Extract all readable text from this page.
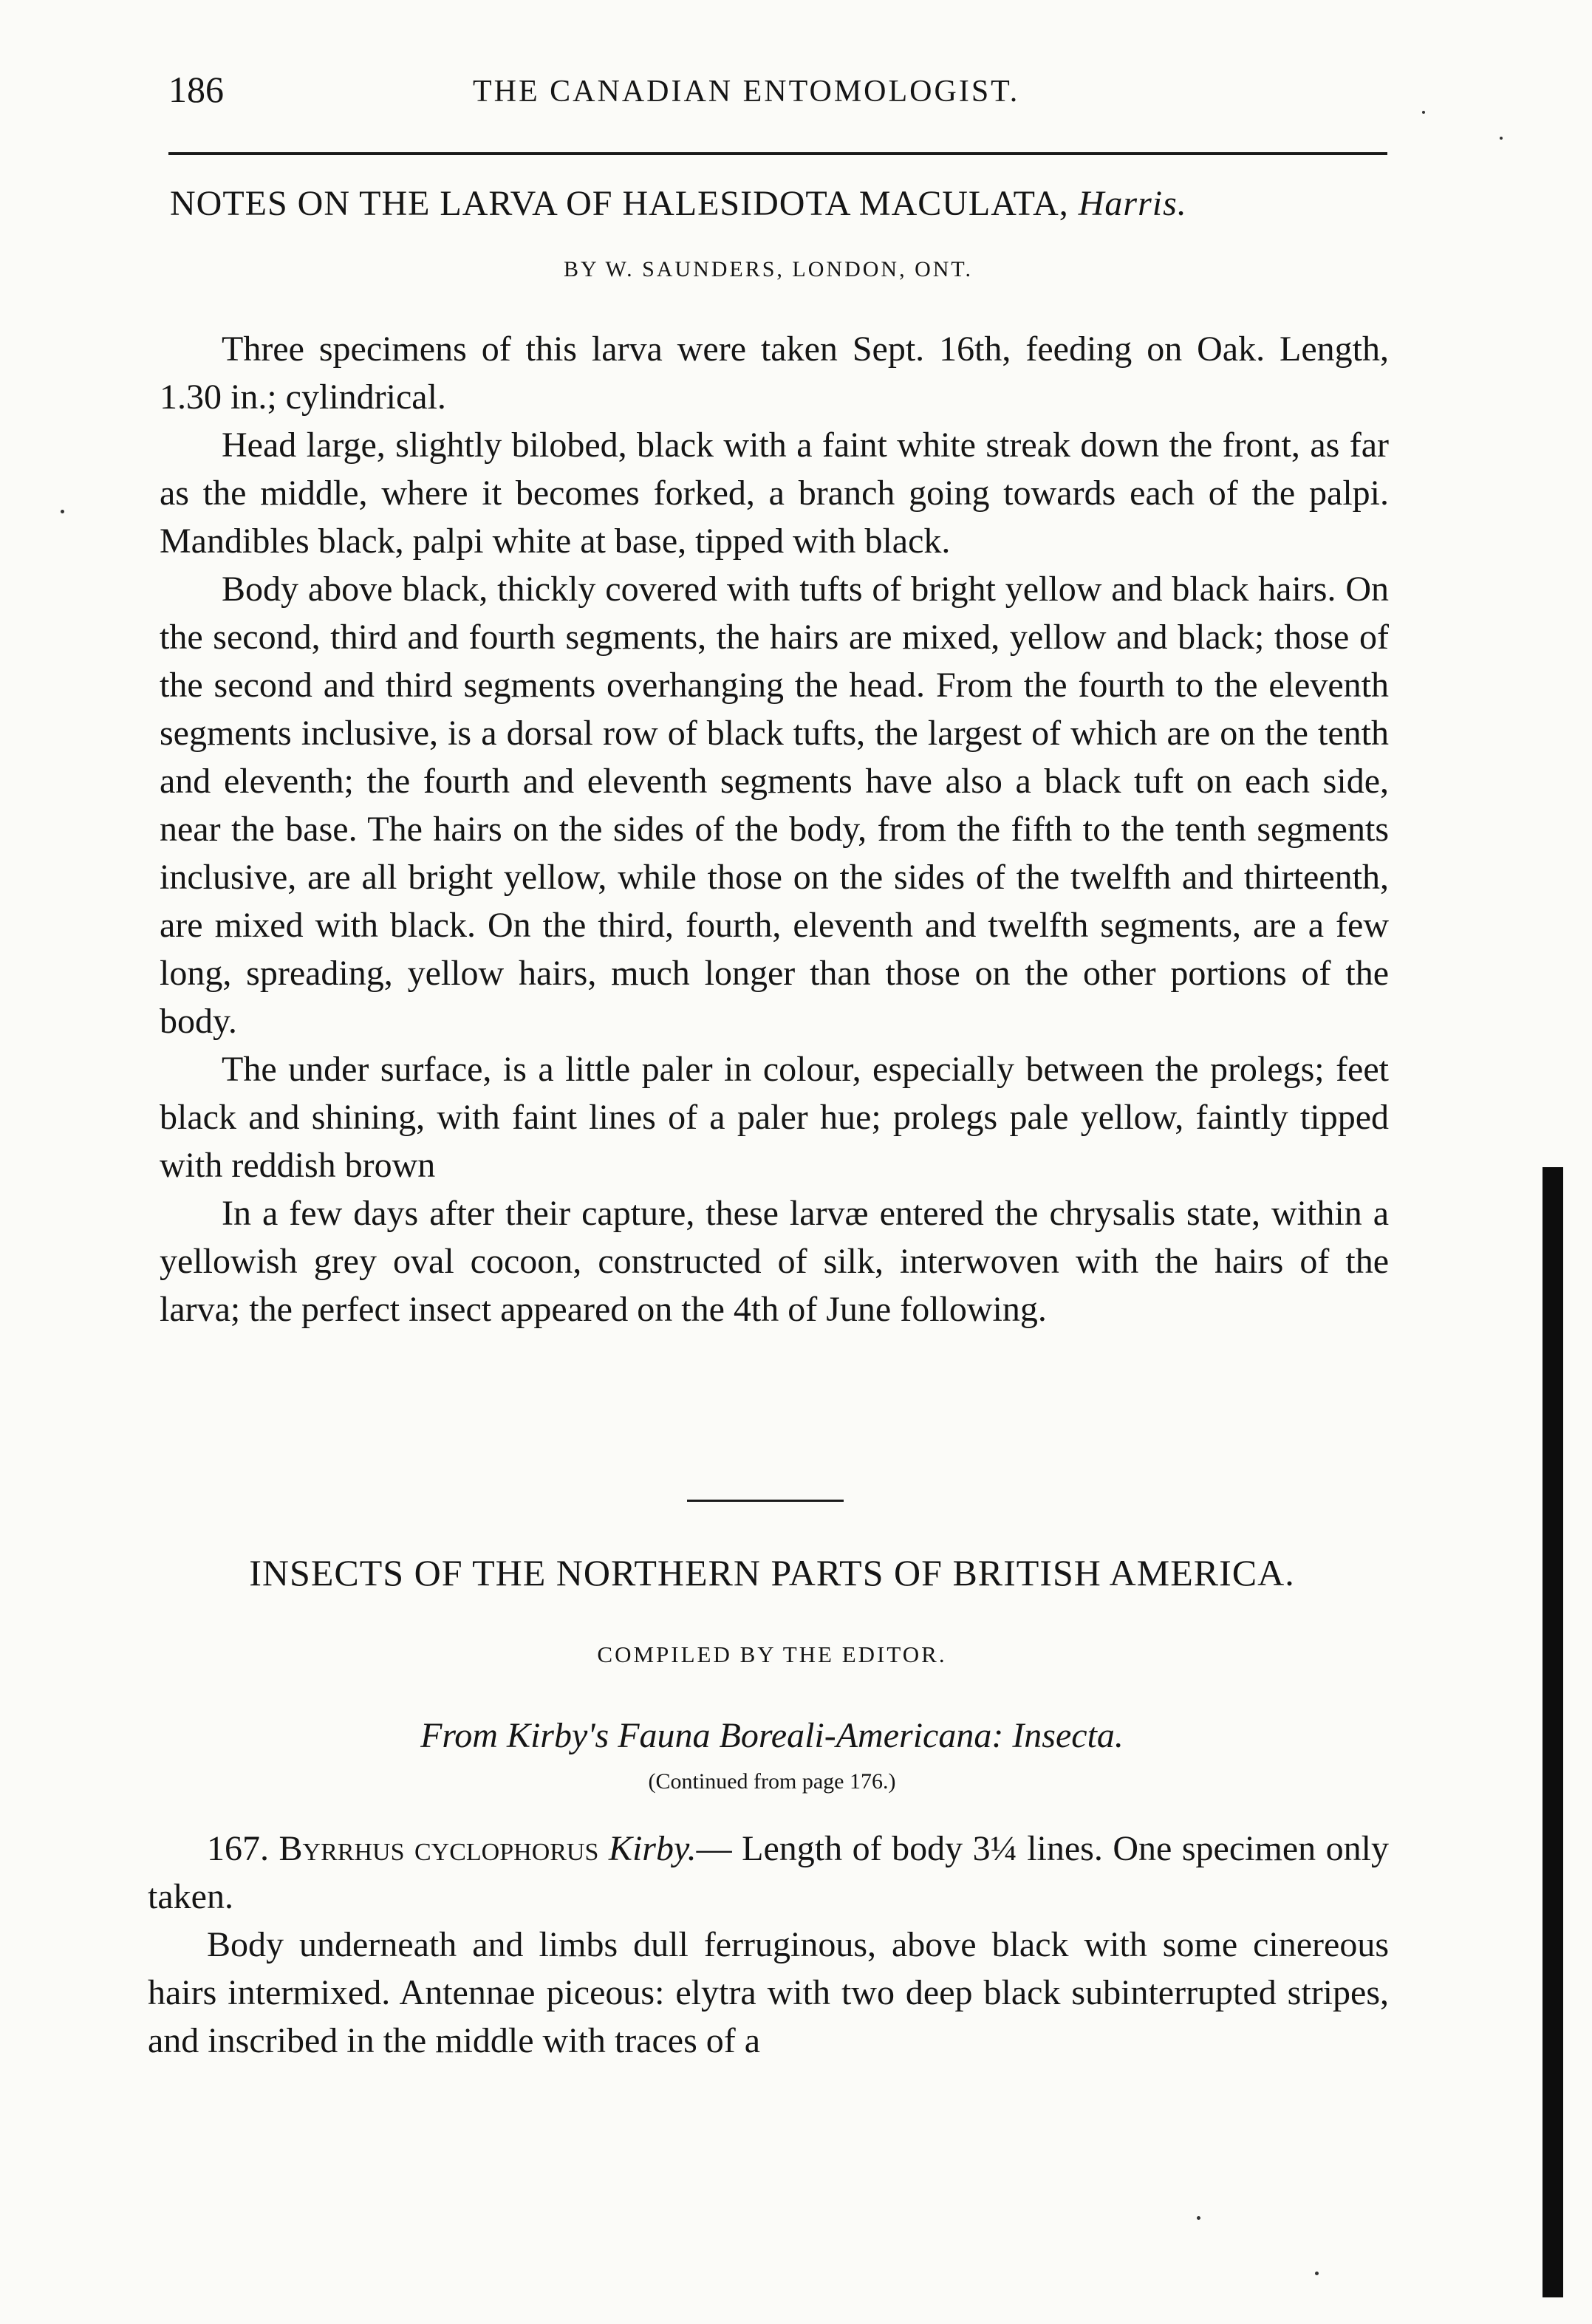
186	THE CANADIAN ENTOMOLOGIST.
NOTES ON THE LARVA OF HALESIDOTA MACULATA, Harris.
BY W. SAUNDERS, LONDON, ONT.

Three specimens of this larva were taken Sept. 16th, feeding on Oak. Length, 1.30 in.; cylindrical.

Head large, slightly bilobed, black with a faint white streak down the front, as far as the middle, where it becomes forked, a branch going towards each of the palpi. Mandibles black, palpi white at base, tipped with black.

Body above black, thickly covered with tufts of bright yellow and black hairs. On the second, third and fourth segments, the hairs are mixed, yellow and black; those of the second and third segments overhanging the head. From the fourth to the eleventh segments inclusive, is a dorsal row of black tufts, the largest of which are on the tenth and eleventh; the fourth and eleventh segments have also a black tuft on each side, near the base. The hairs on the sides of the body, from the fifth to the tenth segments inclusive, are all bright yellow, while those on the sides of the twelfth and thirteenth, are mixed with black. On the third, fourth, eleventh and twelfth segments, are a few long, spreading, yellow hairs, much longer than those on the other portions of the body.

The under surface, is a little paler in colour, especially between the prolegs; feet black and shining, with faint lines of a paler hue; prolegs pale yellow, faintly tipped with reddish brown

In a few days after their capture, these larvæ entered the chrysalis state, within a yellowish grey oval cocoon, constructed of silk, interwoven with the hairs of the larva; the perfect insect appeared on the 4th of June following.

INSECTS OF THE NORTHERN PARTS OF BRITISH AMERICA.
COMPILED BY THE EDITOR.
From Kirby's Fauna Boreali-Americana: Insecta.
(Continued from page 176.)

167. Byrrhus cyclophorus Kirby.— Length of body 3¼ lines. One specimen only taken.

Body underneath and limbs dull ferruginous, above black with some cinereous hairs intermixed. Antennae piceous: elytra with two deep black subinterrupted stripes, and inscribed in the middle with traces of a
